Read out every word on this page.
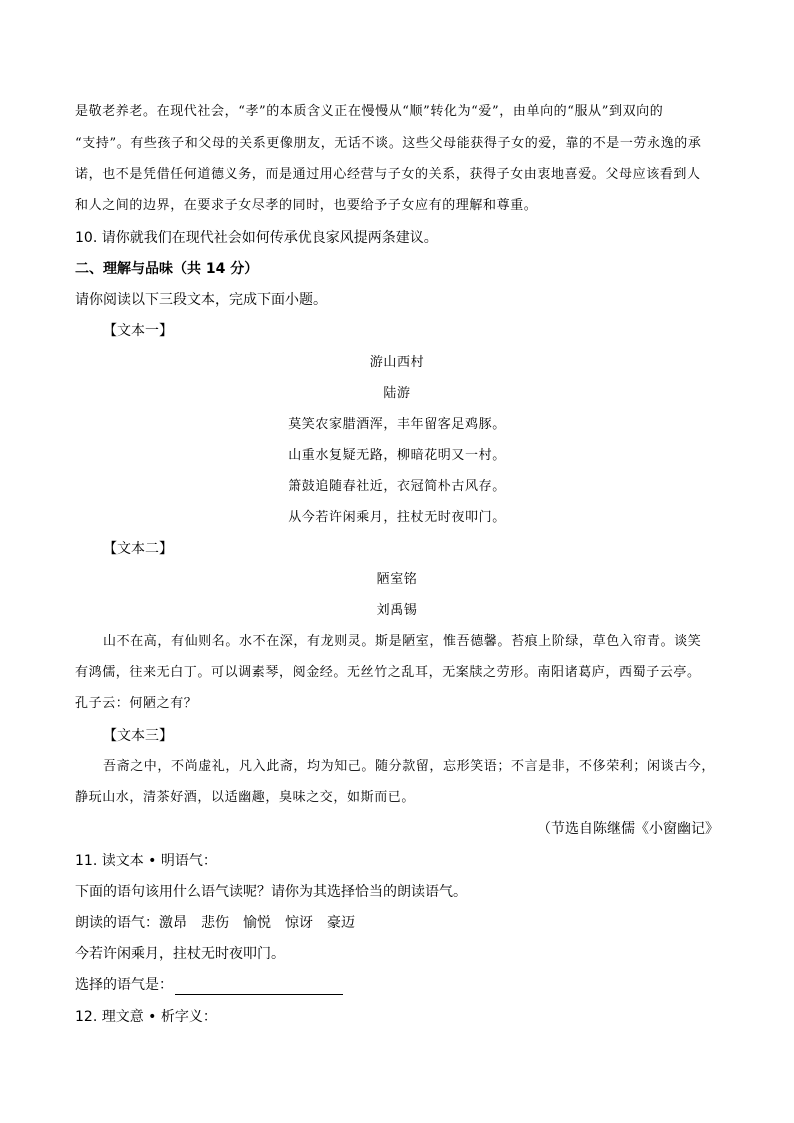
是敬老养老。在现代社会，“孝”的本质含义正在慢慢从“顺”转化为“爱”，由单向的“服从”到双向的
“支持”。有些孩子和父母的关系更像朋友，无话不谈。这些父母能获得子女的爱，靠的不是一劳永逸的承
诺，也不是凭借任何道德义务，而是通过用心经营与子女的关系，获得子女由衷地喜爱。父母应该看到人
和人之间的边界，在要求子女尽孝的同时，也要给予子女应有的理解和尊重。
10. 请你就我们在现代社会如何传承优良家风提两条建议。
二、理解与品味（共 14 分）
请你阅读以下三段文本，完成下面小题。
【文本一】
游山西村
陆游
莫笑农家腊酒浑，丰年留客足鸡豚。
山重水复疑无路，柳暗花明又一村。
箫鼓追随春社近，衣冠简朴古风存。
从今若许闲乘月，拄杖无时夜叩门。
【文本二】
陋室铭
刘禹锡
山不在高，有仙则名。水不在深，有龙则灵。斯是陋室，惟吾德馨。苔痕上阶绿，草色入帘青。谈笑
有鸿儒，往来无白丁。可以调素琴，阅金经。无丝竹之乱耳，无案牍之劳形。南阳诸葛庐，西蜀子云亭。
孔子云：何陋之有？
【文本三】
吾斋之中，不尚虚礼，凡入此斋，均为知己。随分款留，忘形笑语；不言是非，不侈荣利；闲谈古今，
静玩山水，清茶好酒，以适幽趣，臭味之交，如斯而已。
（节选自陈继儒《小窗幽记》
11. 读文本 • 明语气：
下面的语句该用什么语气读呢？请你为其选择恰当的朗读语气。
朗读的语气：激昂 悲伤 愉悦 惊讶 豪迈
今若许闲乘月，拄杖无时夜叩门。
选择的语气是：
12. 理文意 • 析字义：
